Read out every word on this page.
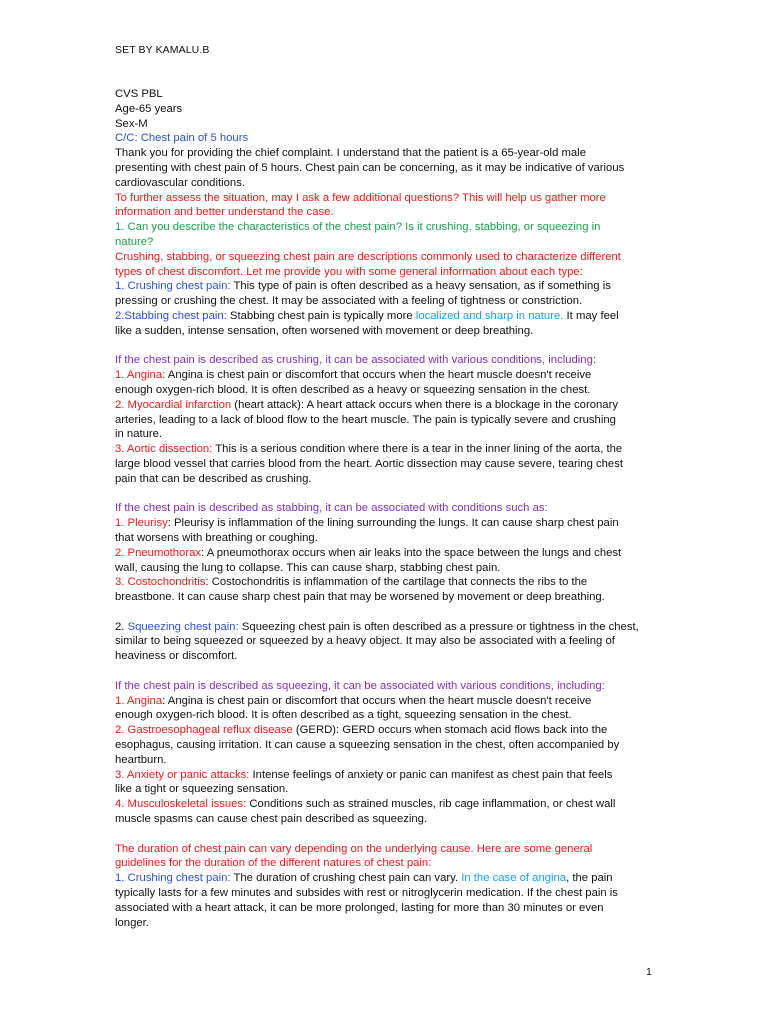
SET BY KAMALU.B
CVS PBL
Age-65 years
Sex-M
C/C: Chest pain of 5 hours
Thank you for providing the chief complaint. I understand that the patient is a 65-year-old male
presenting with chest pain of 5 hours. Chest pain can be concerning, as it may be indicative of various
cardiovascular conditions.
To further assess the situation, may I ask a few additional questions? This will help us gather more
information and better understand the case.
1. Can you describe the characteristics of the chest pain? Is it crushing, stabbing, or squeezing in
nature?
Crushing, stabbing, or squeezing chest pain are descriptions commonly used to characterize different
types of chest discomfort. Let me provide you with some general information about each type:
1. Crushing chest pain: This type of pain is often described as a heavy sensation, as if something is
pressing or crushing the chest. It may be associated with a feeling of tightness or constriction.
2.Stabbing chest pain: Stabbing chest pain is typically more localized and sharp in nature. It may feel
like a sudden, intense sensation, often worsened with movement or deep breathing.
If the chest pain is described as crushing, it can be associated with various conditions, including:
1. Angina: Angina is chest pain or discomfort that occurs when the heart muscle doesn't receive
enough oxygen-rich blood. It is often described as a heavy or squeezing sensation in the chest.
2. Myocardial infarction (heart attack): A heart attack occurs when there is a blockage in the coronary
arteries, leading to a lack of blood flow to the heart muscle. The pain is typically severe and crushing
in nature.
3. Aortic dissection: This is a serious condition where there is a tear in the inner lining of the aorta, the
large blood vessel that carries blood from the heart. Aortic dissection may cause severe, tearing chest
pain that can be described as crushing.
If the chest pain is described as stabbing, it can be associated with conditions such as:
1. Pleurisy: Pleurisy is inflammation of the lining surrounding the lungs. It can cause sharp chest pain
that worsens with breathing or coughing.
2. Pneumothorax: A pneumothorax occurs when air leaks into the space between the lungs and chest
wall, causing the lung to collapse. This can cause sharp, stabbing chest pain.
3. Costochondritis: Costochondritis is inflammation of the cartilage that connects the ribs to the
breastbone. It can cause sharp chest pain that may be worsened by movement or deep breathing.
2. Squeezing chest pain: Squeezing chest pain is often described as a pressure or tightness in the chest,
similar to being squeezed or squeezed by a heavy object. It may also be associated with a feeling of
heaviness or discomfort.
If the chest pain is described as squeezing, it can be associated with various conditions, including:
1. Angina: Angina is chest pain or discomfort that occurs when the heart muscle doesn't receive
enough oxygen-rich blood. It is often described as a tight, squeezing sensation in the chest.
2. Gastroesophageal reflux disease (GERD): GERD occurs when stomach acid flows back into the
esophagus, causing irritation. It can cause a squeezing sensation in the chest, often accompanied by
heartburn.
3. Anxiety or panic attacks: Intense feelings of anxiety or panic can manifest as chest pain that feels
like a tight or squeezing sensation.
4. Musculoskeletal issues: Conditions such as strained muscles, rib cage inflammation, or chest wall
muscle spasms can cause chest pain described as squeezing.
The duration of chest pain can vary depending on the underlying cause. Here are some general
guidelines for the duration of the different natures of chest pain:
1. Crushing chest pain: The duration of crushing chest pain can vary. In the case of angina, the pain
typically lasts for a few minutes and subsides with rest or nitroglycerin medication. If the chest pain is
associated with a heart attack, it can be more prolonged, lasting for more than 30 minutes or even
longer.
1
